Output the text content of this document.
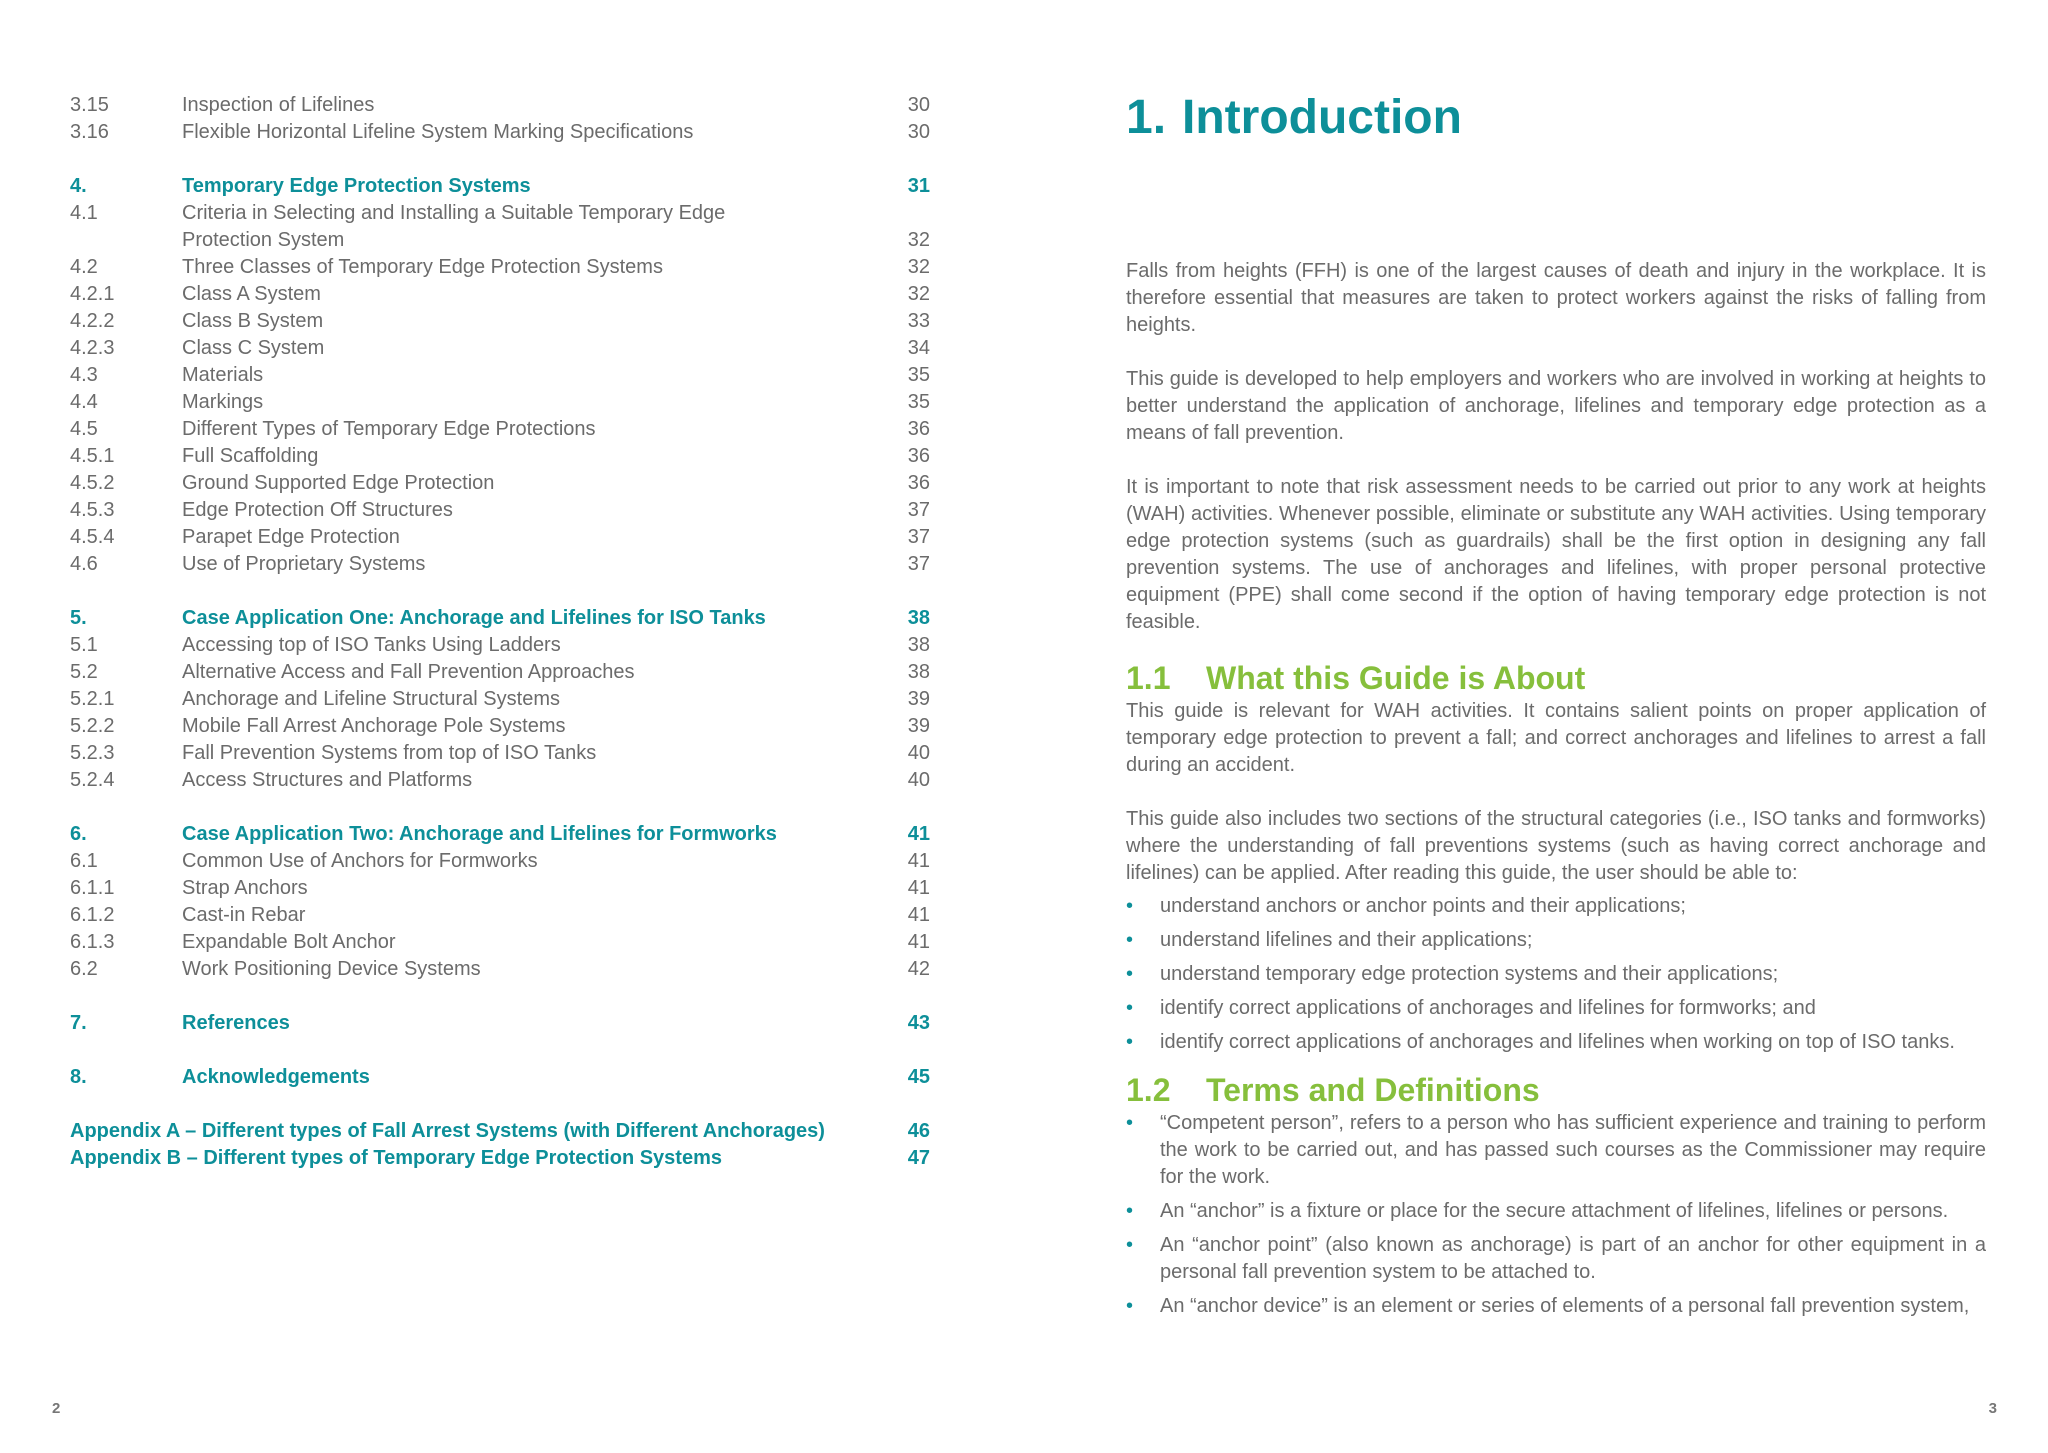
3.15	Inspection of Lifelines	30
3.16	Flexible Horizontal Lifeline System Marking Specifications	30
4.	Temporary Edge Protection Systems	31
4.1	Criteria in Selecting and Installing a Suitable Temporary Edge
Protection System	32
4.2	Three Classes of Temporary Edge Protection Systems	32
4.2.1	Class A System	32
4.2.2	Class B System	33
4.2.3	Class C System	34
4.3	Materials	35
4.4	Markings	35
4.5	Different Types of Temporary Edge Protections	36
4.5.1	Full Scaffolding	36
4.5.2	Ground Supported Edge Protection	36
4.5.3	Edge Protection Off Structures	37
4.5.4	Parapet Edge Protection	37
4.6	Use of Proprietary Systems	37
5.	Case Application One: Anchorage and Lifelines for ISO Tanks	38
5.1	Accessing top of ISO Tanks Using Ladders	38
5.2	Alternative Access and Fall Prevention Approaches	38
5.2.1	Anchorage and Lifeline Structural Systems	39
5.2.2	Mobile Fall Arrest Anchorage Pole Systems	39
5.2.3	Fall Prevention Systems from top of ISO Tanks	40
5.2.4	Access Structures and Platforms	40
6.	Case Application Two: Anchorage and Lifelines for Formworks	41
6.1	Common Use of Anchors for Formworks	41
6.1.1	Strap Anchors	41
6.1.2	Cast-in Rebar	41
6.1.3	Expandable Bolt Anchor	41
6.2	Work Positioning Device Systems	42
7.	References	43
8.	Acknowledgements	45
Appendix A – Different types of Fall Arrest Systems (with Different Anchorages)	46
Appendix B – Different types of Temporary Edge Protection Systems	47
2	3
1. Introduction

Falls from heights (FFH) is one of the largest causes of death and injury in the workplace. It is therefore essential that measures are taken to protect workers against the risks of falling from heights.

This guide is developed to help employers and workers who are involved in working at heights to better understand the application of anchorage, lifelines and temporary edge protection as a means of fall prevention.

It is important to note that risk assessment needs to be carried out prior to any work at heights (WAH) activities. Whenever possible, eliminate or substitute any WAH activities. Using temporary edge protection systems (such as guardrails) shall be the first option in designing any fall prevention systems. The use of anchorages and lifelines, with proper personal protective equipment (PPE) shall come second if the option of having temporary edge protection is not feasible.

1.1 What this Guide is About

This guide is relevant for WAH activities. It contains salient points on proper application of temporary edge protection to prevent a fall; and correct anchorages and lifelines to arrest a fall during an accident.

This guide also includes two sections of the structural categories (i.e., ISO tanks and formworks) where the understanding of fall preventions systems (such as having correct anchorage and lifelines) can be applied. After reading this guide, the user should be able to:

• understand anchors or anchor points and their applications;
• understand lifelines and their applications;
• understand temporary edge protection systems and their applications;
• identify correct applications of anchorages and lifelines for formworks; and
• identify correct applications of anchorages and lifelines when working on top of ISO tanks.
1.2 Terms and Definitions
• “Competent person”, refers to a person who has sufficient experience and training to perform the work to be carried out, and has passed such courses as the Commissioner may require for the work.
• An “anchor” is a fixture or place for the secure attachment of lifelines, lifelines or persons.
• An “anchor point” (also known as anchorage) is part of an anchor for other equipment in a personal fall prevention system to be attached to.
• An “anchor device” is an element or series of elements of a personal fall prevention system,
